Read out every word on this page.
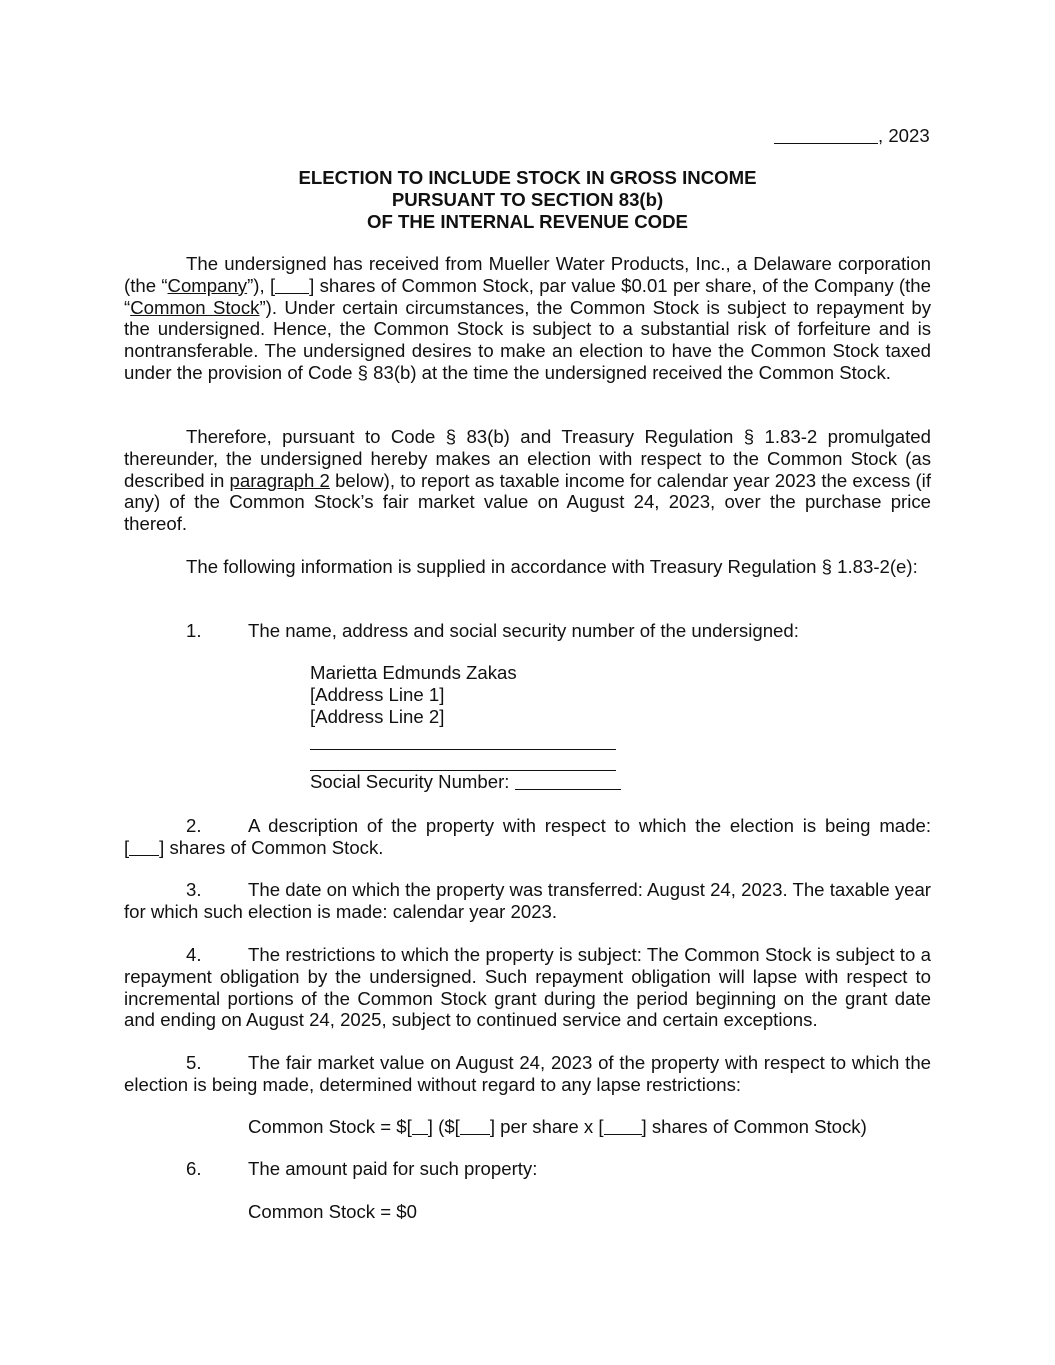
, 2023
ELECTION TO INCLUDE STOCK IN GROSS INCOME
PURSUANT TO SECTION 83(b)
OF THE INTERNAL REVENUE CODE

The undersigned has received from Mueller Water Products, Inc., a Delaware corporation (the “Company”), [ ] shares of Common Stock, par value $0.01 per share, of the Company (the “Common Stock”). Under certain circumstances, the Common Stock is subject to repayment by the undersigned. Hence, the Common Stock is subject to a substantial risk of forfeiture and is nontransferable. The undersigned desires to make an election to have the Common Stock taxed under the provision of Code § 83(b) at the time the undersigned received the Common Stock.

Therefore, pursuant to Code § 83(b) and Treasury Regulation § 1.83-2 promulgated thereunder, the undersigned hereby makes an election with respect to the Common Stock (as described in paragraph 2 below), to report as taxable income for calendar year 2023 the excess (if any) of the Common Stock’s fair market value on August 24, 2023, over the purchase price thereof.

The following information is supplied in accordance with Treasury Regulation § 1.83-2(e):

1. The name, address and social security number of the undersigned:
Marietta Edmunds Zakas
[Address Line 1]
[Address Line 2]
Social Security Number:

2. A description of the property with respect to which the election is being made:

[ ] shares of Common Stock.

3. The date on which the property was transferred: August 24, 2023. The taxable year for which such election is made: calendar year 2023.

4. The restrictions to which the property is subject: The Common Stock is subject to a repayment obligation by the undersigned. Such repayment obligation will lapse with respect to incremental portions of the Common Stock grant during the period beginning on the grant date and ending on August 24, 2025, subject to continued service and certain exceptions.

5. The fair market value on August 24, 2023 of the property with respect to which the election is being made, determined without regard to any lapse restrictions:

Common Stock = $[ ] ($[ ] per share x [ ] shares of Common Stock)
6. The amount paid for such property:
Common Stock = $0
